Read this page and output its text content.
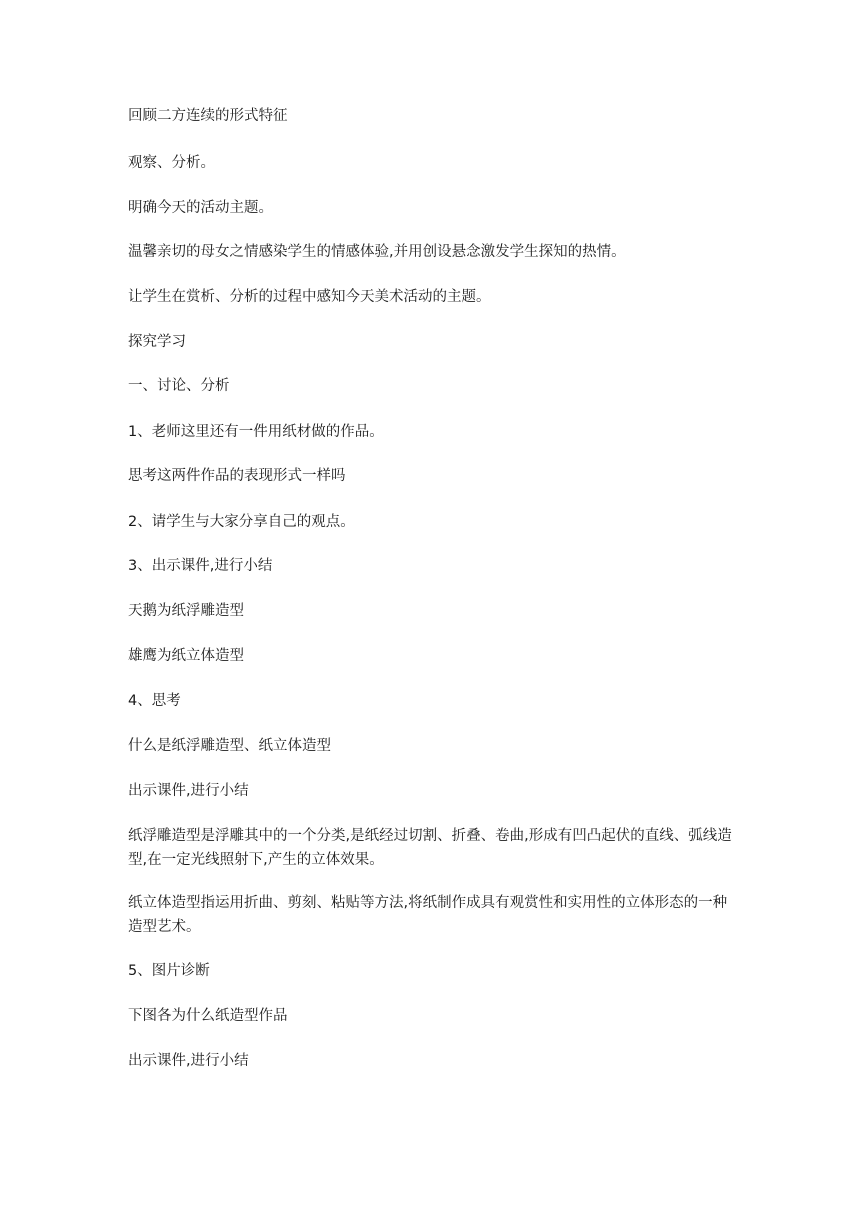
回顾二方连续的形式特征

观察、分析。

明确今天的活动主题。

温馨亲切的母女之情感染学生的情感体验,并用创设悬念激发学生探知的热情。

让学生在赏析、分析的过程中感知今天美术活动的主题。

探究学习

一、讨论、分析

1、老师这里还有一件用纸材做的作品。

思考这两件作品的表现形式一样吗

2、请学生与大家分享自己的观点。

3、出示课件,进行小结

天鹅为纸浮雕造型

雄鹰为纸立体造型

4、思考

什么是纸浮雕造型、纸立体造型

出示课件,进行小结

纸浮雕造型是浮雕其中的一个分类,是纸经过切割、折叠、卷曲,形成有凹凸起伏的直线、弧线造型,在一定光线照射下,产生的立体效果。

纸立体造型指运用折曲、剪刻、粘贴等方法,将纸制作成具有观赏性和实用性的立体形态的一种造型艺术。

5、图片诊断

下图各为什么纸造型作品

出示课件,进行小结
